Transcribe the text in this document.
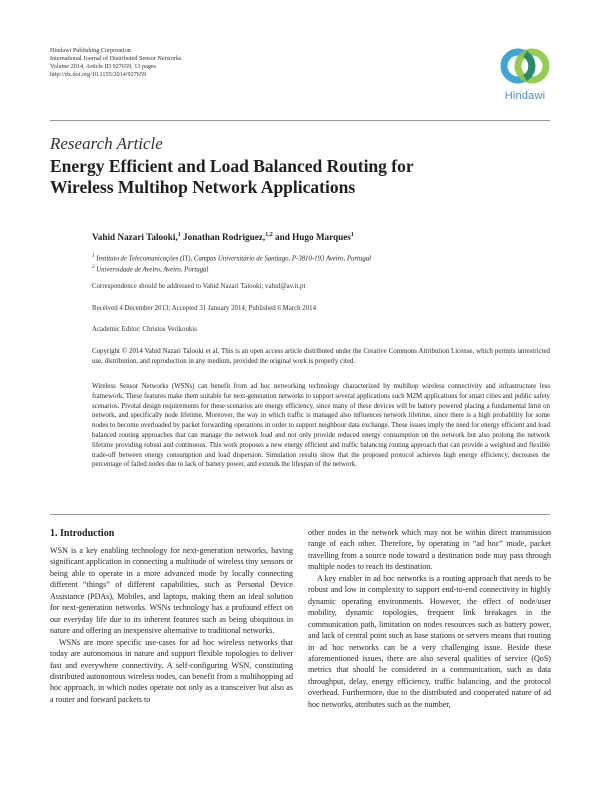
Hindawi Publishing Corporation
International Journal of Distributed Sensor Networks
Volume 2014, Article ID 927659, 13 pages
http://dx.doi.org/10.1155/2014/927659
Hindawi
Research Article
Energy Efficient and Load Balanced Routing for
Wireless Multihop Network Applications
Vahid Nazari Talooki,$^1$ Jonathan Rodriguez,$^{1,2}$ and Hugo Marques$^1$
$^1$ Instituto de Telecomunicações (IT), Campus Universitário de Santiago, P-3810-193 Aveiro, Portugal
$^2$ Universidade de Aveiro, Aveiro, Portugal
Correspondence should be addressed to Vahid Nazari Talooki; vahid@av.it.pt
Received 4 December 2013; Accepted 31 January 2014; Published 6 March 2014
Academic Editor: Christos Verikoukis
Copyright © 2014 Vahid Nazari Talooki et al. This is an open access article distributed under the Creative Commons Attribution License, which permits unrestricted use, distribution, and reproduction in any medium, provided the original work is properly cited.
Wireless Sensor Networks (WSNs) can benefit from ad hoc networking technology characterized by multihop wireless connectivity and infrastructure less framework. These features make them suitable for next-generation networks to support several applications such M2M applications for smart cities and public safety scenarios. Pivotal design requirements for these scenarios are energy efficiency, since many of these devices will be battery powered placing a fundamental limit on network, and specifically node lifetime. Moreover, the way in which traffic is managed also influences network lifetime, since there is a high probability for some nodes to become overloaded by packet forwarding operations in order to support neighbour data exchange. These issues imply the need for energy efficient and load balanced routing approaches that can manage the network load and not only provide reduced energy consumption on the network but also prolong the network lifetime providing robust and continuous. This work proposes a new energy efficient and traffic balancing routing approach that can provide a weighted and flexible trade-off between energy consumption and load dispersion. Simulation results show that the proposed protocol achieves high energy efficiency, decreases the percentage of failed nodes due to lack of battery power, and extends the lifespan of the network.
1. Introduction

WSN is a key enabling technology for next-generation networks, having significant application in connecting a multitude of wireless tiny sensors or being able to operate in a more advanced mode by locally connecting different “things” of different capabilities, such as Personal Device Assistance (PDAs), Mobiles, and laptops, making them an ideal solution for next-generation networks. WSNs technology has a profound effect on our everyday life due to its inherent features such as being ubiquitous in nature and offering an inexpensive alternative to traditional networks.

WSNs are more specific use-cases for ad hoc wireless networks that today are autonomous in nature and support flexible topologies to deliver fast and everywhere connectivity. A self-configuring WSN, constituting distributed autonomous wireless nodes, can benefit from a multihopping ad hoc approach, in which nodes operate not only as a transceiver but also as a router and forward packets to

other nodes in the network which may not be within direct transmission range of each other. Therefore, by operating in “ad hoc” mode, packet travelling from a source node toward a destination node may pass through multiple nodes to reach its destination.

A key enabler in ad hoc networks is a routing approach that needs to be robust and low in complexity to support end-to-end connectivity in highly dynamic operating environments. However, the effect of node/user mobility, dynamic topologies, frequent link breakages in the communication path, limitation on nodes resources such as battery power, and lack of central point such as base stations or servers means that routing in ad hoc networks can be a very challenging issue. Beside these aforementioned issues, there are also several qualities of service (QoS) metrics that should be considered in a communication, such as data throughput, delay, energy efficiency, traffic balancing, and the protocol overhead. Furthermore, due to the distributed and cooperated nature of ad hoc networks, attributes such as the number,
